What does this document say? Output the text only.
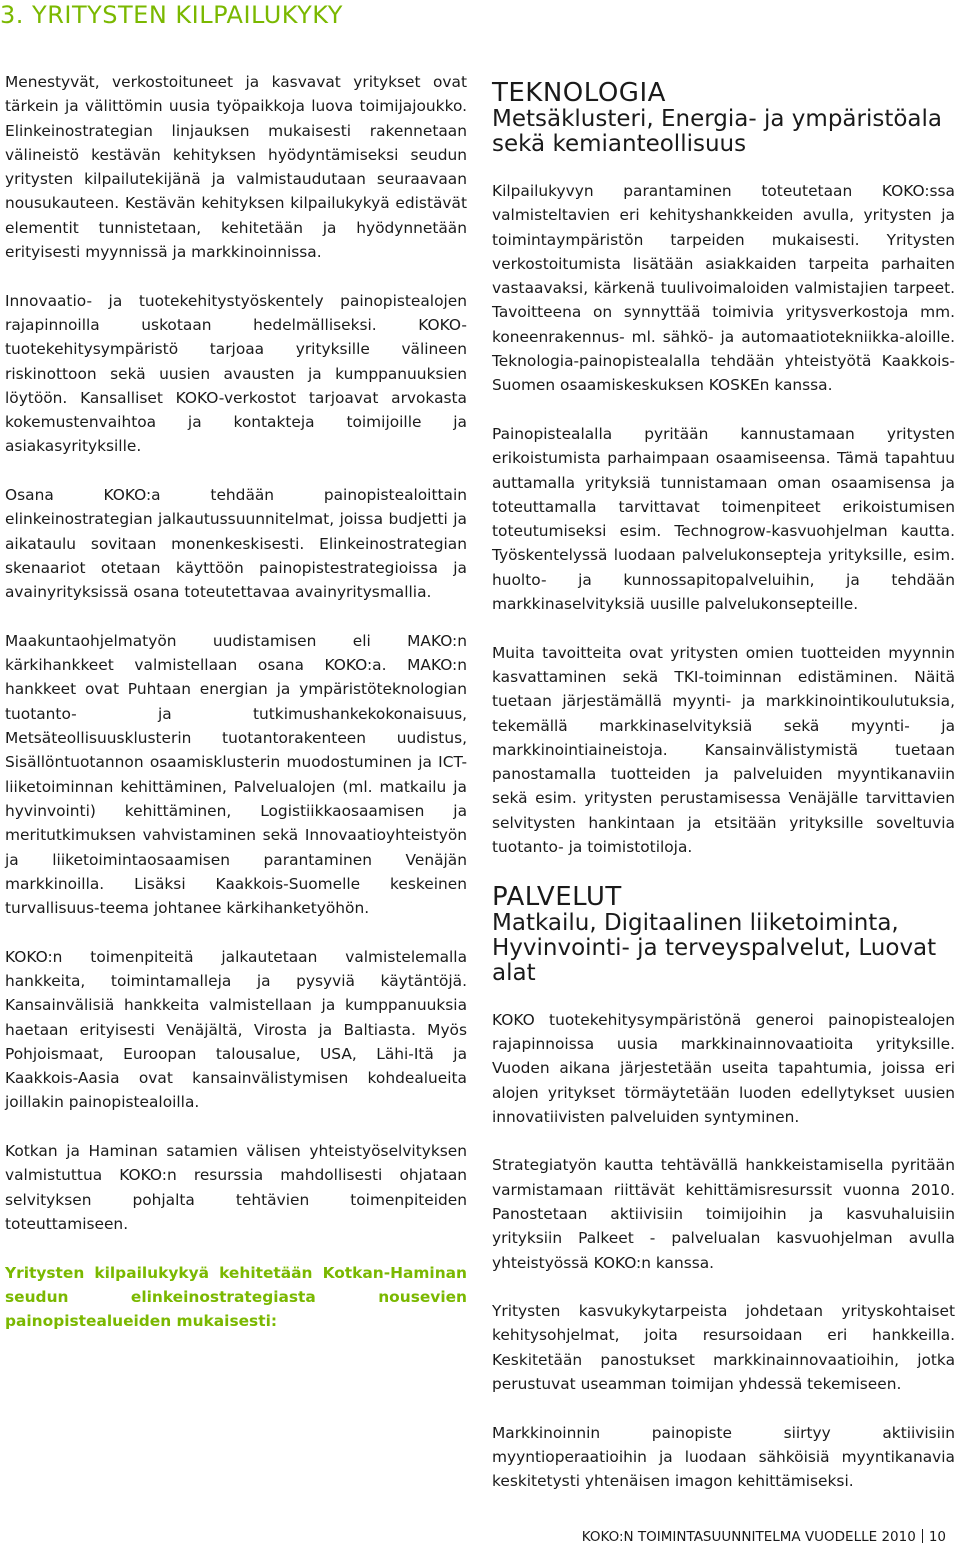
3. YRITYSTEN KILPAILUKYKY

Menestyvät, verkostoituneet ja kasvavat yritykset ovat tärkein ja välittömin uusia työpaikkoja luova toimijajoukko. Elinkeinostrategian linjauksen mukaisesti rakennetaan välineistö kestävän kehityksen hyödyntämiseksi seudun yritysten kilpailutekijänä ja valmistaudutaan seuraavaan nousukauteen. Kestävän kehityksen kilpailukykyä edistävät elementit tunnistetaan, kehitetään ja hyödynnetään erityisesti myynnissä ja markkinoinnissa.

Innovaatio- ja tuotekehitystyöskentely painopistealojen rajapinnoilla uskotaan hedelmälliseksi. KOKO-tuotekehitysympäristö tarjoaa yrityksille välineen riskinottoon sekä uusien avausten ja kumppanuuksien löytöön. Kansalliset KOKO-verkostot tarjoavat arvokasta kokemustenvaihtoa ja kontakteja toimijoille ja asiakasyrityksille.

Osana KOKO:a tehdään painopistealoittain elinkeinostrategian jalkautussuunnitelmat, joissa budjetti ja aikataulu sovitaan monenkeskisesti. Elinkeinostrategian skenaariot otetaan käyttöön painopistestrategioissa ja avainyrityksissä osana toteutettavaa avainyritysmallia.

Maakuntaohjelmatyön uudistamisen eli MAKO:n kärkihankkeet valmistellaan osana KOKO:a. MAKO:n hankkeet ovat Puhtaan energian ja ympäristöteknologian tuotanto- ja tutkimushankekokonaisuus, Metsäteollisuusklusterin tuotantorakenteen uudistus, Sisällöntuotannon osaamisklusterin muodostuminen ja ICT-liiketoiminnan kehittäminen, Palvelualojen (ml. matkailu ja hyvinvointi) kehittäminen, Logistiikkaosaamisen ja meritutkimuksen vahvistaminen sekä Innovaatioyhteistyön ja liiketoimintaosaamisen parantaminen Venäjän markkinoilla. Lisäksi Kaakkois-Suomelle keskeinen turvallisuus-teema johtanee kärkihanketyöhön.

KOKO:n toimenpiteitä jalkautetaan valmistelemalla hankkeita, toimintamalleja ja pysyviä käytäntöjä. Kansainvälisiä hankkeita valmistellaan ja kumppanuuksia haetaan erityisesti Venäjältä, Virosta ja Baltiasta. Myös Pohjoismaat, Euroopan talousalue, USA, Lähi-Itä ja Kaakkois-Aasia ovat kansainvälistymisen kohdealueita joillakin painopistealoilla.

Kotkan ja Haminan satamien välisen yhteistyöselvityksen valmistuttua KOKO:n resurssia mahdollisesti ohjataan selvityksen pohjalta tehtävien toimenpiteiden toteuttamiseen.

Yritysten kilpailukykyä kehitetään Kotkan-Haminan seudun elinkeinostrategiasta nousevien painopistealueiden mukaisesti:

TEKNOLOGIA
Metsäklusteri, Energia- ja ympäristöala sekä kemianteollisuus

Kilpailukyvyn parantaminen toteutetaan KOKO:ssa valmisteltavien eri kehityshankkeiden avulla, yritysten ja toimintaympäristön tarpeiden mukaisesti. Yritysten verkostoitumista lisätään asiakkaiden tarpeita parhaiten vastaavaksi, kärkenä tuulivoimaloiden valmistajien tarpeet. Tavoitteena on synnyttää toimivia yritysverkostoja mm. koneenrakennus- ml. sähkö- ja automaatiotekniikka-aloille. Teknologia-painopistealalla tehdään yhteistyötä Kaakkois-Suomen osaamiskeskuksen KOSKEn kanssa.

Painopistealalla pyritään kannustamaan yritysten erikoistumista parhaimpaan osaamiseensa. Tämä tapahtuu auttamalla yrityksiä tunnistamaan oman osaamisensa ja toteuttamalla tarvittavat toimenpiteet erikoistumisen toteutumiseksi esim. Technogrow-kasvuohjelman kautta. Työskentelyssä luodaan palvelukonsepteja yrityksille, esim. huolto- ja kunnossapitopalveluihin, ja tehdään markkinaselvityksiä uusille palvelukonsepteille.

Muita tavoitteita ovat yritysten omien tuotteiden myynnin kasvattaminen sekä TKI-toiminnan edistäminen. Näitä tuetaan järjestämällä myynti- ja markkinointikoulutuksia, tekemällä markkinaselvityksiä sekä myynti- ja markkinointiaineistoja. Kansainvälistymistä tuetaan panostamalla tuotteiden ja palveluiden myyntikanaviin sekä esim. yritysten perustamisessa Venäjälle tarvittavien selvitysten hankintaan ja etsitään yrityksille soveltuvia tuotanto- ja toimistotiloja.

PALVELUT
Matkailu, Digitaalinen liiketoiminta, Hyvinvointi- ja terveyspalvelut, Luovat alat

KOKO tuotekehitysympäristönä generoi painopistealojen rajapinnoissa uusia markkinainnovaatioita yrityksille. Vuoden aikana järjestetään useita tapahtumia, joissa eri alojen yritykset törmäytetään luoden edellytykset uusien innovatiivisten palveluiden syntyminen.

Strategiatyön kautta tehtävällä hankkeistamisella pyritään varmistamaan riittävät kehittämisresurssit vuonna 2010. Panostetaan aktiivisiin toimijoihin ja kasvuhaluisiin yrityksiin Palkeet - palvelualan kasvuohjelman avulla yhteistyössä KOKO:n kanssa.

Yritysten kasvukykytarpeista johdetaan yrityskohtaiset kehitysohjelmat, joita resursoidaan eri hankkeilla. Keskitetään panostukset markkinainnovaatioihin, jotka perustuvat useamman toimijan yhdessä tekemiseen.

Markkinoinnin painopiste siirtyy aktiivisiin myyntioperaatioihin ja luodaan sähköisiä myyntikanavia keskitetysti yhtenäisen imagon kehittämiseksi.

KOKO:N TOIMINTASUUNNITELMA VUODELLE 2010 10
